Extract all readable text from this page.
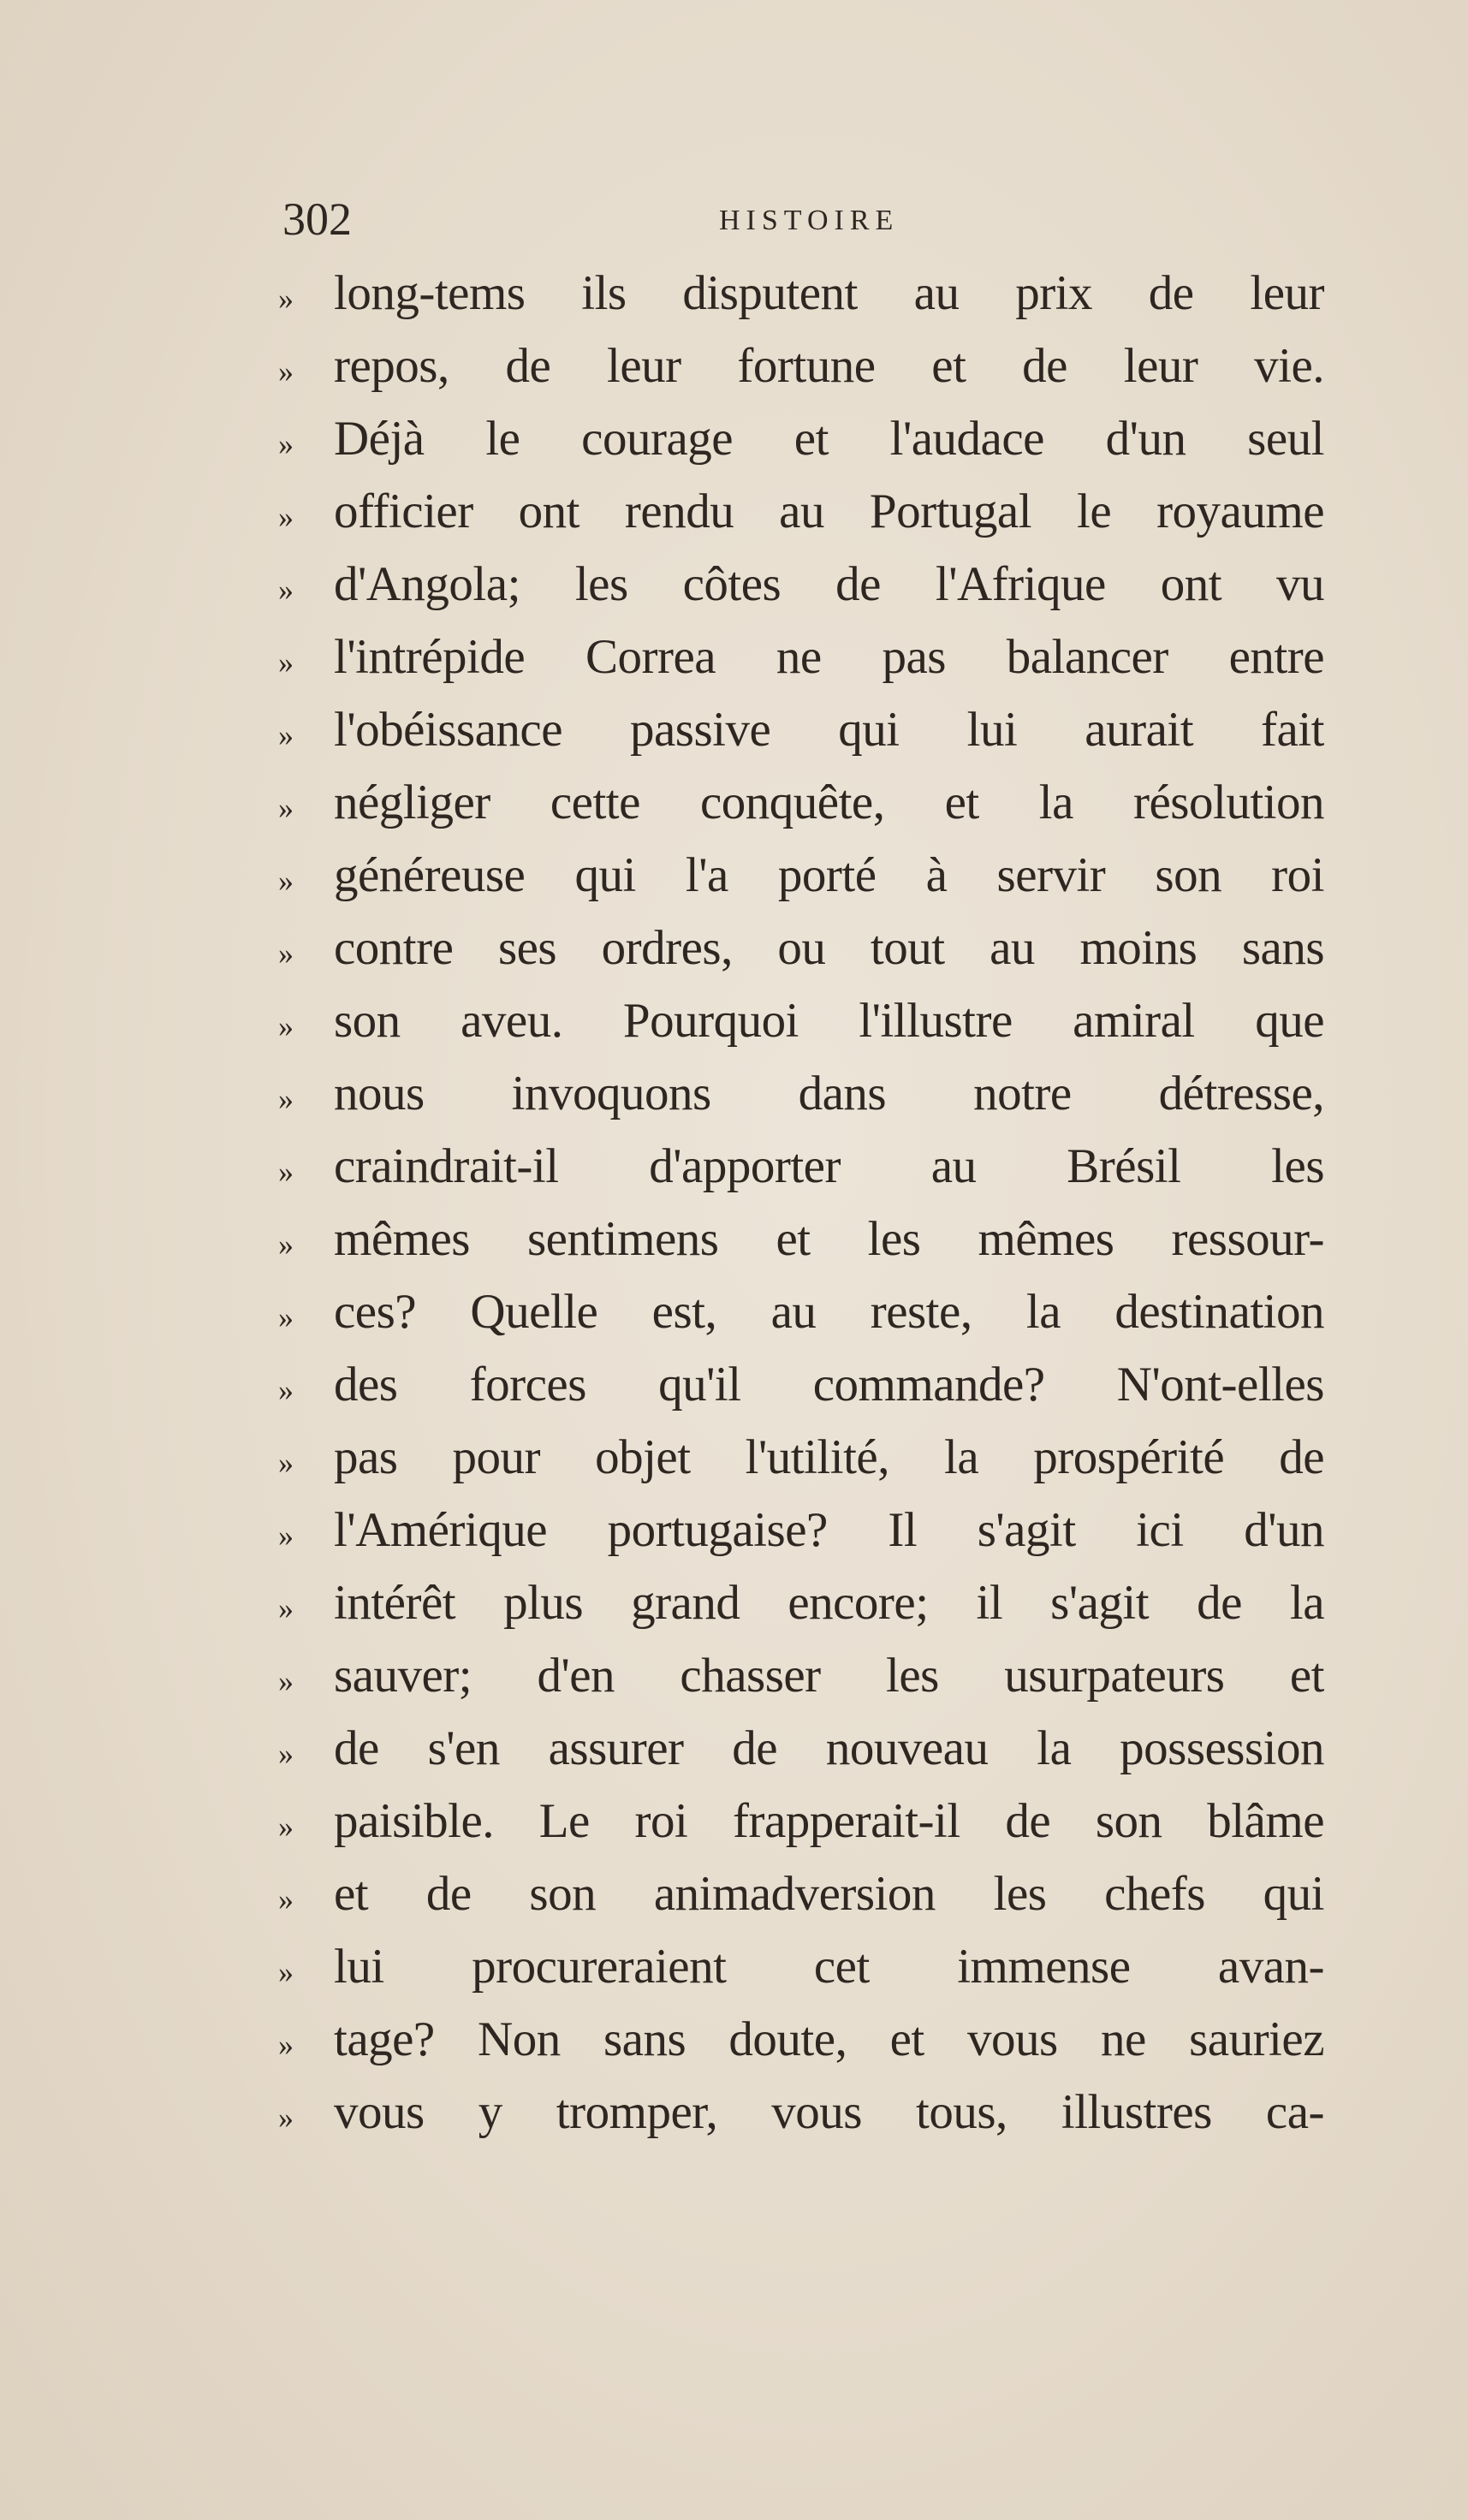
302	HISTOIRE
» long-tems ils disputent au prix de leur
» repos, de leur fortune et de leur vie.
» Déjà le courage et l'audace d'un seul
» officier ont rendu au Portugal le royaume
» d'Angola; les côtes de l'Afrique ont vu
» l'intrépide Correa ne pas balancer entre
» l'obéissance passive qui lui aurait fait
» négliger cette conquête, et la résolution
» généreuse qui l'a porté à servir son roi
» contre ses ordres, ou tout au moins sans
» son aveu. Pourquoi l'illustre amiral que
» nous invoquons dans notre détresse,
» craindrait-il d'apporter au Brésil les
» mêmes sentimens et les mêmes ressour-
» ces? Quelle est, au reste, la destination
» des forces qu'il commande? N'ont-elles
» pas pour objet l'utilité, la prospérité de
» l'Amérique portugaise? Il s'agit ici d'un
» intérêt plus grand encore; il s'agit de la
» sauver; d'en chasser les usurpateurs et
» de s'en assurer de nouveau la possession
» paisible. Le roi frapperait-il de son blâme
» et de son animadversion les chefs qui
» lui procureraient cet immense avan-
» tage? Non sans doute, et vous ne sauriez
» vous y tromper, vous tous, illustres ca-
